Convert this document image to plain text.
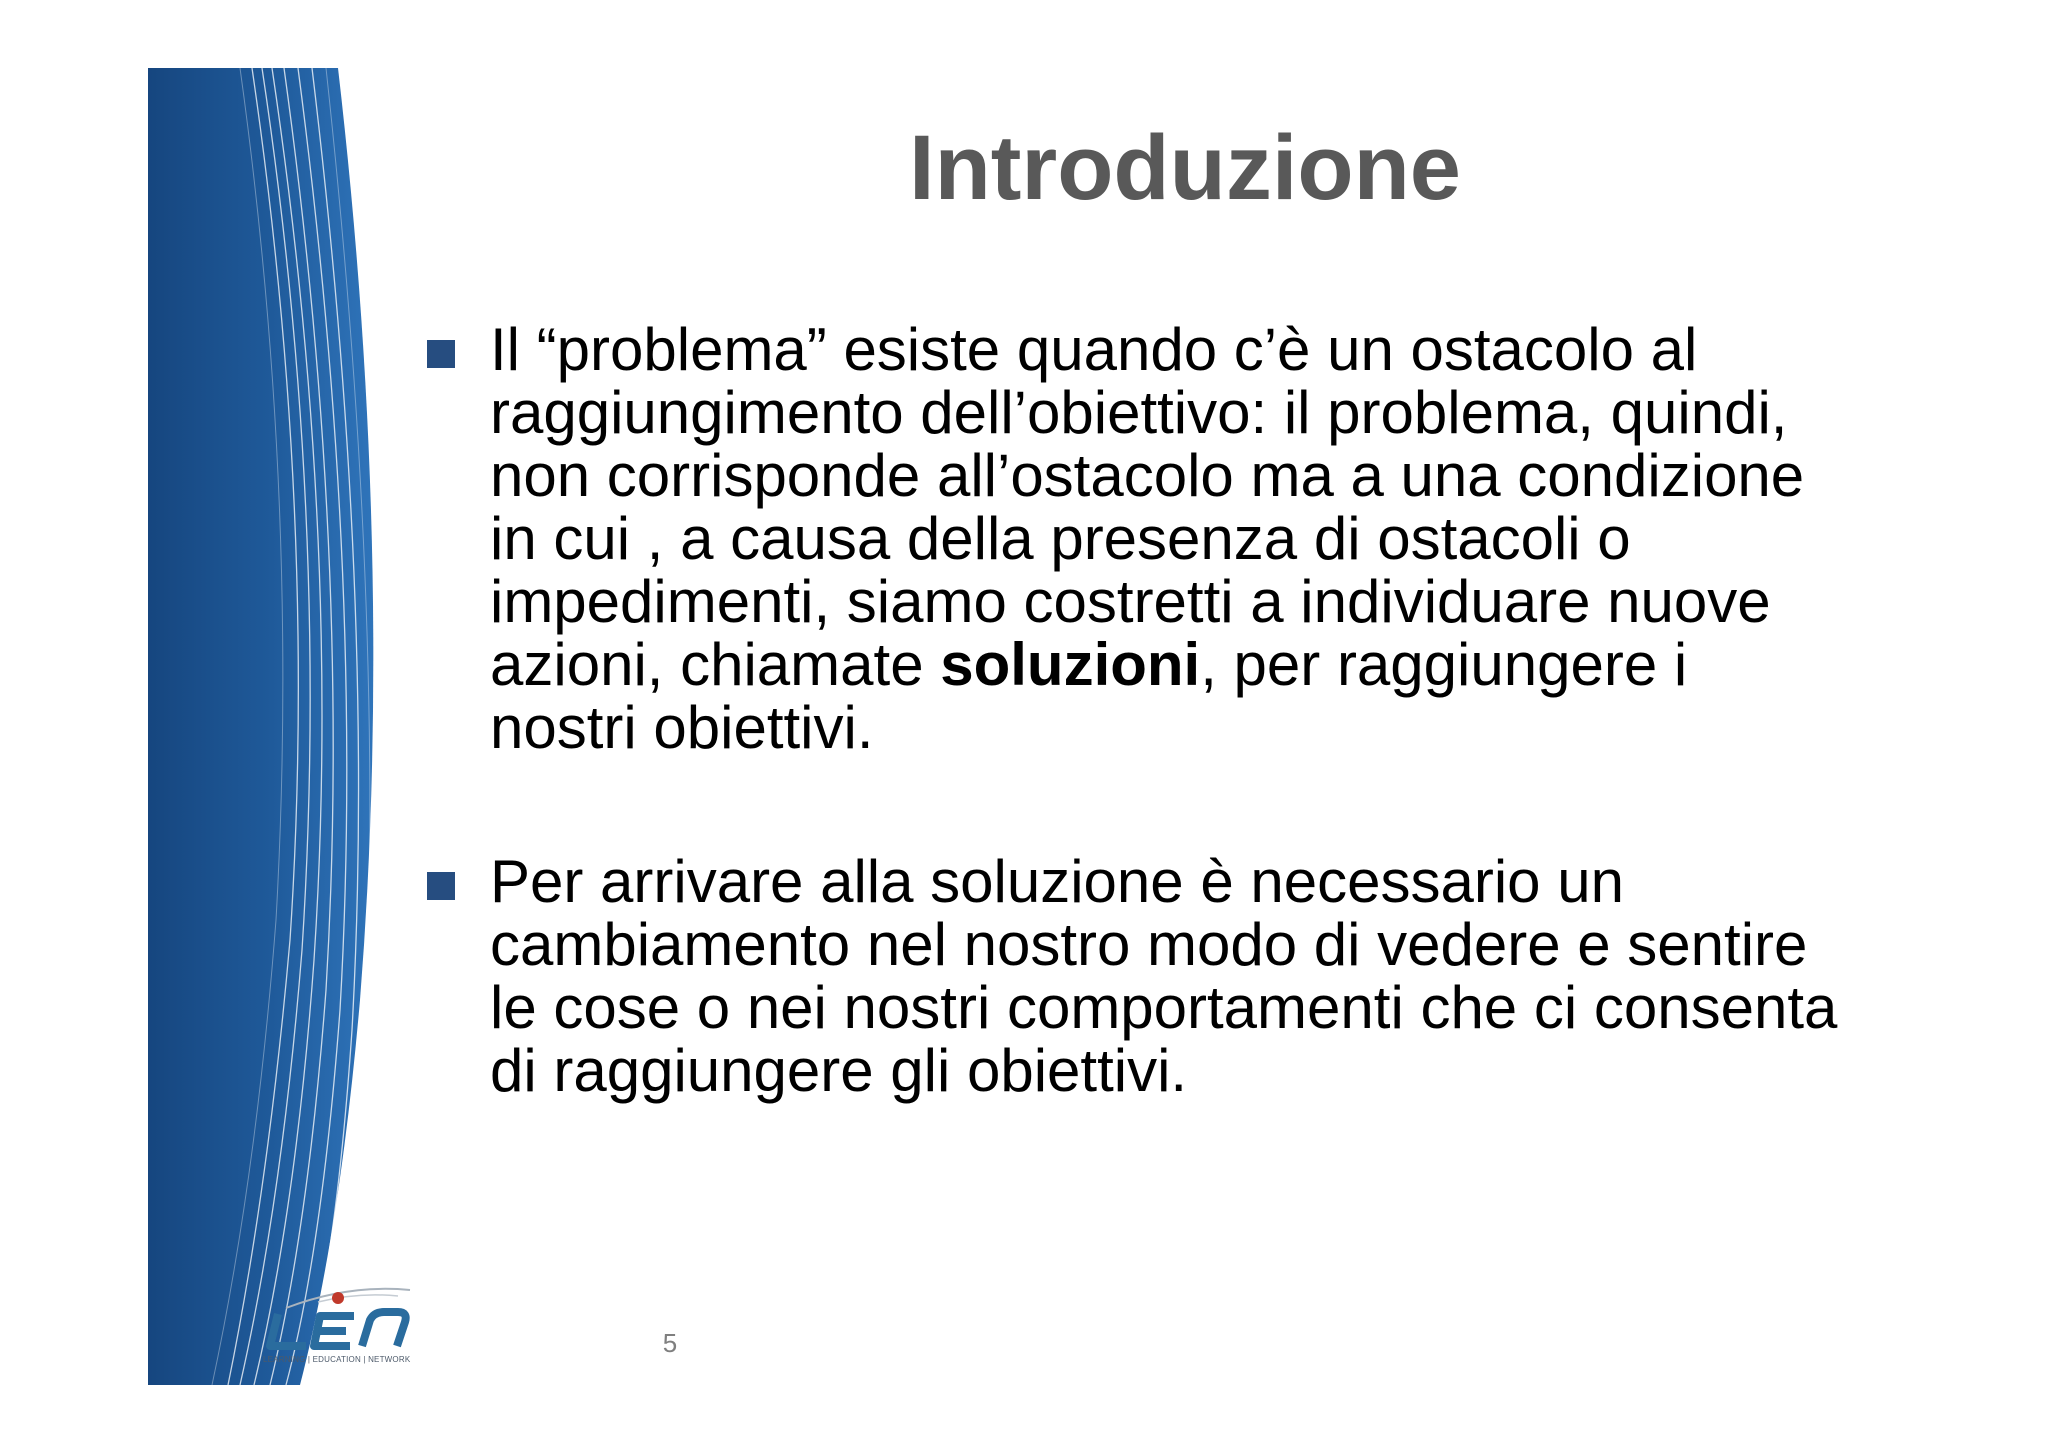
Introduzione
Il “problema” esiste quando c’è un ostacolo al raggiungimento dell’obiettivo: il problema, quindi, non corrisponde all’ostacolo ma a una condizione in cui , a causa della presenza di ostacoli o impedimenti, siamo costretti a individuare nuove azioni, chiamate soluzioni, per raggiungere i nostri obiettivi.
Per arrivare alla soluzione è necessario un cambiamento nel nostro modo di vedere e sentire le cose o nei nostri comportamenti che ci consenta di raggiungere gli obiettivi.
LEARNING | EDUCATION | NETWORK
5
